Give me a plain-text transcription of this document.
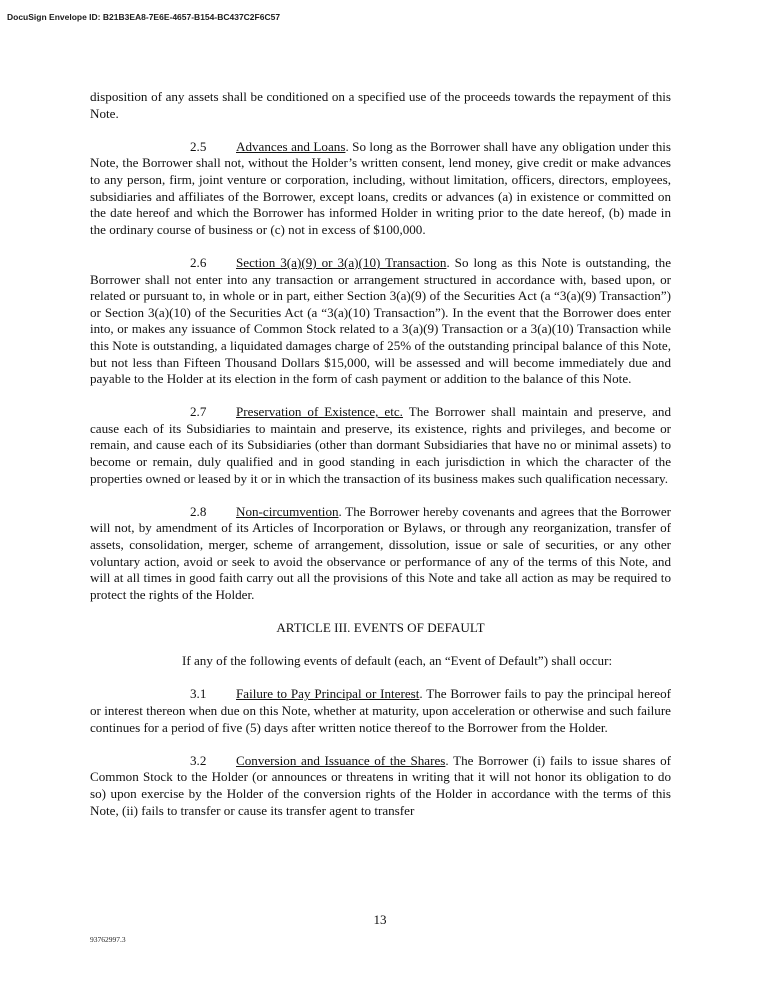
DocuSign Envelope ID: B21B3EA8-7E6E-4657-B154-BC437C2F6C57

disposition of any assets shall be conditioned on a specified use of the proceeds towards the repayment of this Note.

2.5 Advances and Loans. So long as the Borrower shall have any obligation under this Note, the Borrower shall not, without the Holder’s written consent, lend money, give credit or make advances to any person, firm, joint venture or corporation, including, without limitation, officers, directors, employees, subsidiaries and affiliates of the Borrower, except loans, credits or advances (a) in existence or committed on the date hereof and which the Borrower has informed Holder in writing prior to the date hereof, (b) made in the ordinary course of business or (c) not in excess of $100,000.

2.6 Section 3(a)(9) or 3(a)(10) Transaction. So long as this Note is outstanding, the Borrower shall not enter into any transaction or arrangement structured in accordance with, based upon, or related or pursuant to, in whole or in part, either Section 3(a)(9) of the Securities Act (a “3(a)(9) Transaction”) or Section 3(a)(10) of the Securities Act (a “3(a)(10) Transaction”). In the event that the Borrower does enter into, or makes any issuance of Common Stock related to a 3(a)(9) Transaction or a 3(a)(10) Transaction while this Note is outstanding, a liquidated damages charge of 25% of the outstanding principal balance of this Note, but not less than Fifteen Thousand Dollars $15,000, will be assessed and will become immediately due and payable to the Holder at its election in the form of cash payment or addition to the balance of this Note.

2.7 Preservation of Existence, etc. The Borrower shall maintain and preserve, and cause each of its Subsidiaries to maintain and preserve, its existence, rights and privileges, and become or remain, and cause each of its Subsidiaries (other than dormant Subsidiaries that have no or minimal assets) to become or remain, duly qualified and in good standing in each jurisdiction in which the character of the properties owned or leased by it or in which the transaction of its business makes such qualification necessary.

2.8 Non-circumvention. The Borrower hereby covenants and agrees that the Borrower will not, by amendment of its Articles of Incorporation or Bylaws, or through any reorganization, transfer of assets, consolidation, merger, scheme of arrangement, dissolution, issue or sale of securities, or any other voluntary action, avoid or seek to avoid the observance or performance of any of the terms of this Note, and will at all times in good faith carry out all the provisions of this Note and take all action as may be required to protect the rights of the Holder.

ARTICLE III. EVENTS OF DEFAULT

If any of the following events of default (each, an “Event of Default”) shall occur:

3.1 Failure to Pay Principal or Interest. The Borrower fails to pay the principal hereof or interest thereon when due on this Note, whether at maturity, upon acceleration or otherwise and such failure continues for a period of five (5) days after written notice thereof to the Borrower from the Holder.

3.2 Conversion and Issuance of the Shares. The Borrower (i) fails to issue shares of Common Stock to the Holder (or announces or threatens in writing that it will not honor its obligation to do so) upon exercise by the Holder of the conversion rights of the Holder in accordance with the terms of this Note, (ii) fails to transfer or cause its transfer agent to transfer

13
93762997.3
